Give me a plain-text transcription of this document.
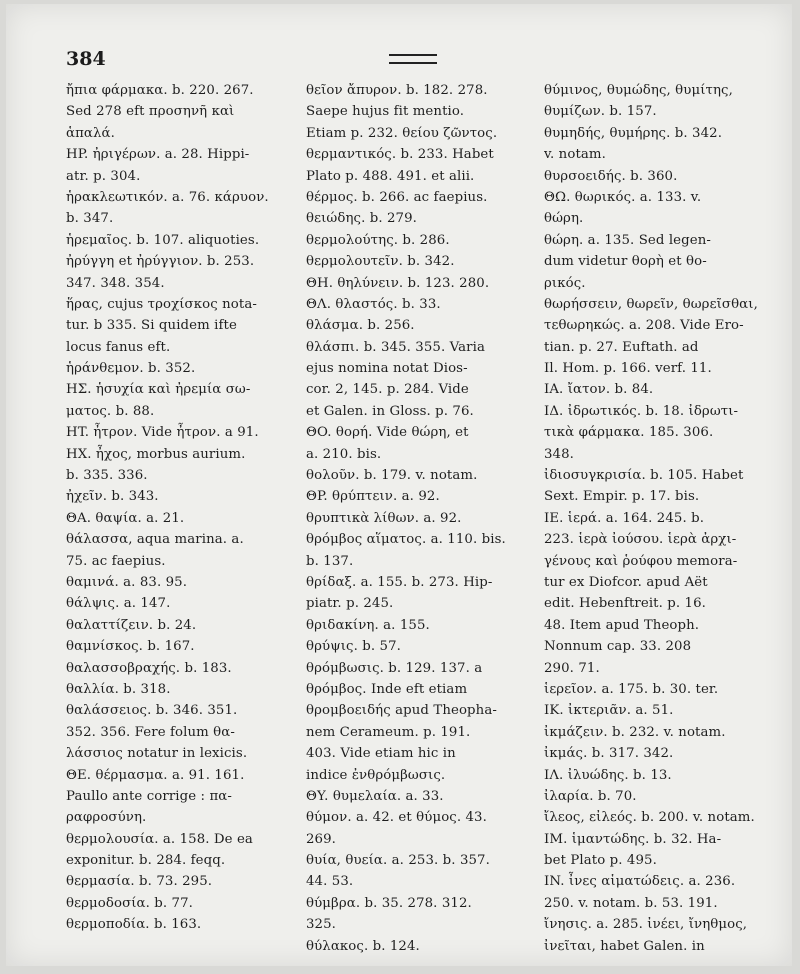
384
ἤπια φάρμακα. b. 220. 267.
Sed 278 eft πρoσηνῆ καὶ
ἁπαλά.
HP. ἠριγέρων. a. 28. Hippi-
atr. p. 304.
ἡρακλεωτικόν. a. 76. κάρυον.
b. 347.
ἡρεμαῖος. b. 107. aliquoties.
ἠρύγγη et ἠρύγγιον. b. 253.
347. 348. 354.
ἥρας, cujus τροχίσκος nota-
tur. b 335. Si quidem ifte
locus fanus eft.
ἡράνθεμον. b. 352.
HΣ. ἡσυχία καὶ ἠρεμία σω-
ματος. b. 88.
HT. ἦτρον. Vide ἦτρον. a 91.
HX. ἦχος, morbus aurium.
b. 335. 336.
ἠχεῖν. b. 343.
ΘA. θαψία. a. 21.
θάλασσα, aqua marina. a.
75. ac faepius.
θαμινά. a. 83. 95.
θάλψις. a. 147.
θαλαττίζειν. b. 24.
θαμνίσκος. b. 167.
θαλασσοβραχής. b. 183.
θαλλία. b. 318.
θαλάσσειος. b. 346. 351.
352. 356. Fere folum θα-
λάσσιος notatur in lexicis.
ΘE. θέρμασμα. a. 91. 161.
Paullo ante corrige : πα-
ραφροσύνη.
θερμολουσία. a. 158. De ea
exponitur. b. 284. feqq.
θερμασία. b. 73. 295.
θερμοδοσία. b. 77.
θερμοποδία. b. 163.
θεῖον ἄπυρον. b. 182. 278.
Saepe hujus fit mentio.
Etiam p. 232. θείου ζῶντος.
θερμαντικός. b. 233. Habet
Plato p. 488. 491. et alii.
θέρμος. b. 266. ac faepius.
θειώδης. b. 279.
θερμολούτης. b. 286.
θερμολουτεῖν. b. 342.
ΘH. θηλύνειν. b. 123. 280.
ΘΛ. θλαστός. b. 33.
θλάσμα. b. 256.
θλάσπι. b. 345. 355. Varia
ejus nomina notat Dios-
cor. 2, 145. p. 284. Vide
et Galen. in Gloss. p. 76.
ΘO. θορή. Vide θώρη, et
a. 210. bis.
θολοῦν. b. 179. v. notam.
ΘP. θρύπτειν. a. 92.
θρυπτικὰ λίθων. a. 92.
θρόμβος αἵματος. a. 110. bis.
b. 137.
θρίδαξ. a. 155. b. 273. Hip-
piatr. p. 245.
θριδακίνη. a. 155.
θρύψις. b. 57.
θρόμβωσις. b. 129. 137. a
θρόμβος. Inde eft etiam
θρομβοειδής apud Theopha-
nem Cerameum. p. 191.
403. Vide etiam hic in
indice ἐνθρόμβωσις.
ΘY. θυμελαία. a. 33.
θύμον. a. 42. et θύμος. 43.
269.
θυία, θυεία. a. 253. b. 357.
44. 53.
θύμβρα. b. 35. 278. 312.
325.
θύλακος. b. 124.
θύμινος, θυμώδης, θυμίτης,
θυμίζων. b. 157.
θυμηδής, θυμήρης. b. 342.
v. notam.
θυρσοειδής. b. 360.
ΘΩ. θωρικός. a. 133. v.
θώρη.
θώρη. a. 135. Sed legen-
dum videtur θορὴ et θο-
ρικός.
θωρήσσειν, θωρεῖν, θωρεῖσθαι,
τεθωρηκώς. a. 208. Vide Ero-
tian. p. 27. Euftath. ad
Il. Hom. p. 166. verf. 11.
IA. ἴατον. b. 84.
IΔ. ἰδρωτικός. b. 18. ἰδρωτι-
τικὰ φάρμακα. 185. 306.
348.
ἰδιοσυγκρισία. b. 105. Habet
Sext. Empir. p. 17. bis.
IE. ἱερά. a. 164. 245. b.
223. ἱερὰ ἰούσου. ἱερὰ ἀρχι-
γένους καὶ ῥούφου memora-
tur ex Diofcor. apud Aët
edit. Hebenftreit. p. 16.
48. Item apud Theoph.
Nonnum cap. 33. 208
290. 71.
ἱερεῖον. a. 175. b. 30. ter.
IK. ἰκτεριᾶν. a. 51.
ἰκμάζειν. b. 232. v. notam.
ἰκμάς. b. 317. 342.
IΛ. ἰλυώδης. b. 13.
ἰλαρία. b. 70.
ἴλεος, εἰλεός. b. 200. v. notam.
IM. ἱμαντώδης. b. 32. Ha-
bet Plato p. 495.
IN. ἶνες αἱματώδεις. a. 236.
250. v. notam. b. 53. 191.
ἴνησις. a. 285. ἰνέει, ἴνηθμος,
ἰνεῖται, habet Galen. in
